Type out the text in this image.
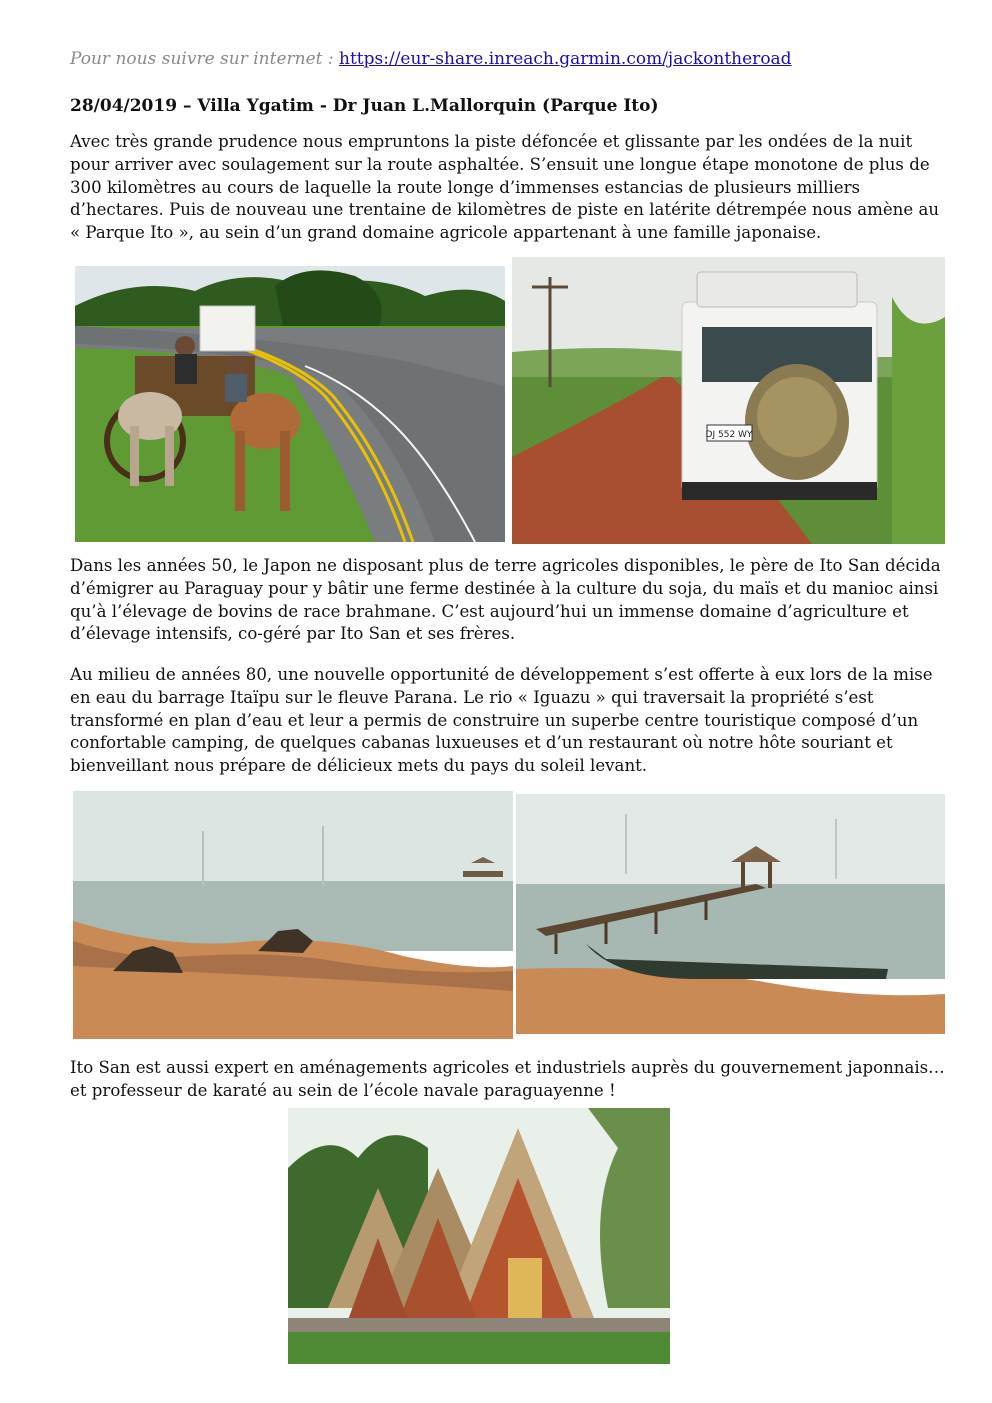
Pour nous suivre sur internet : https://eur-share.inreach.garmin.com/jackontheroad
28/04/2019 – Villa Ygatim - Dr Juan L.Mallorquin (Parque Ito)

Avec très grande prudence nous empruntons la piste défoncée et glissante par les ondées de la nuit pour arriver avec soulagement sur la route asphaltée. S’ensuit une longue étape monotone de plus de 300 kilomètres au cours de laquelle la route longe d’immenses estancias de plusieurs milliers d’hectares. Puis de nouveau une trentaine de kilomètres de piste en latérite détrempée nous amène au « Parque Ito », au sein d’un grand domaine agricole appartenant à une famille japonaise.

DJ 552 WY

Dans les années 50, le Japon ne disposant plus de terre agricoles disponibles, le père de Ito San décida d’émigrer au Paraguay pour y bâtir une ferme destinée à la culture du soja, du maïs et du manioc ainsi qu’à l’élevage de bovins de race brahmane. C’est aujourd’hui un immense domaine d’agriculture et d’élevage intensifs, co-géré par Ito San et ses frères.

Au milieu de années 80, une nouvelle opportunité de développement s’est offerte à eux lors de la mise en eau du barrage Itaïpu sur le fleuve Parana. Le rio « Iguazu » qui traversait la propriété s’est transformé en plan d’eau et leur a permis de construire un superbe centre touristique composé d’un confortable camping, de quelques cabanas luxueuses et d’un restaurant où notre hôte souriant et bienveillant nous prépare de délicieux mets du pays du soleil levant.

Ito San est aussi expert en aménagements agricoles et industriels auprès du gouvernement japonnais… et professeur de karaté au sein de l’école navale paraguayenne !
